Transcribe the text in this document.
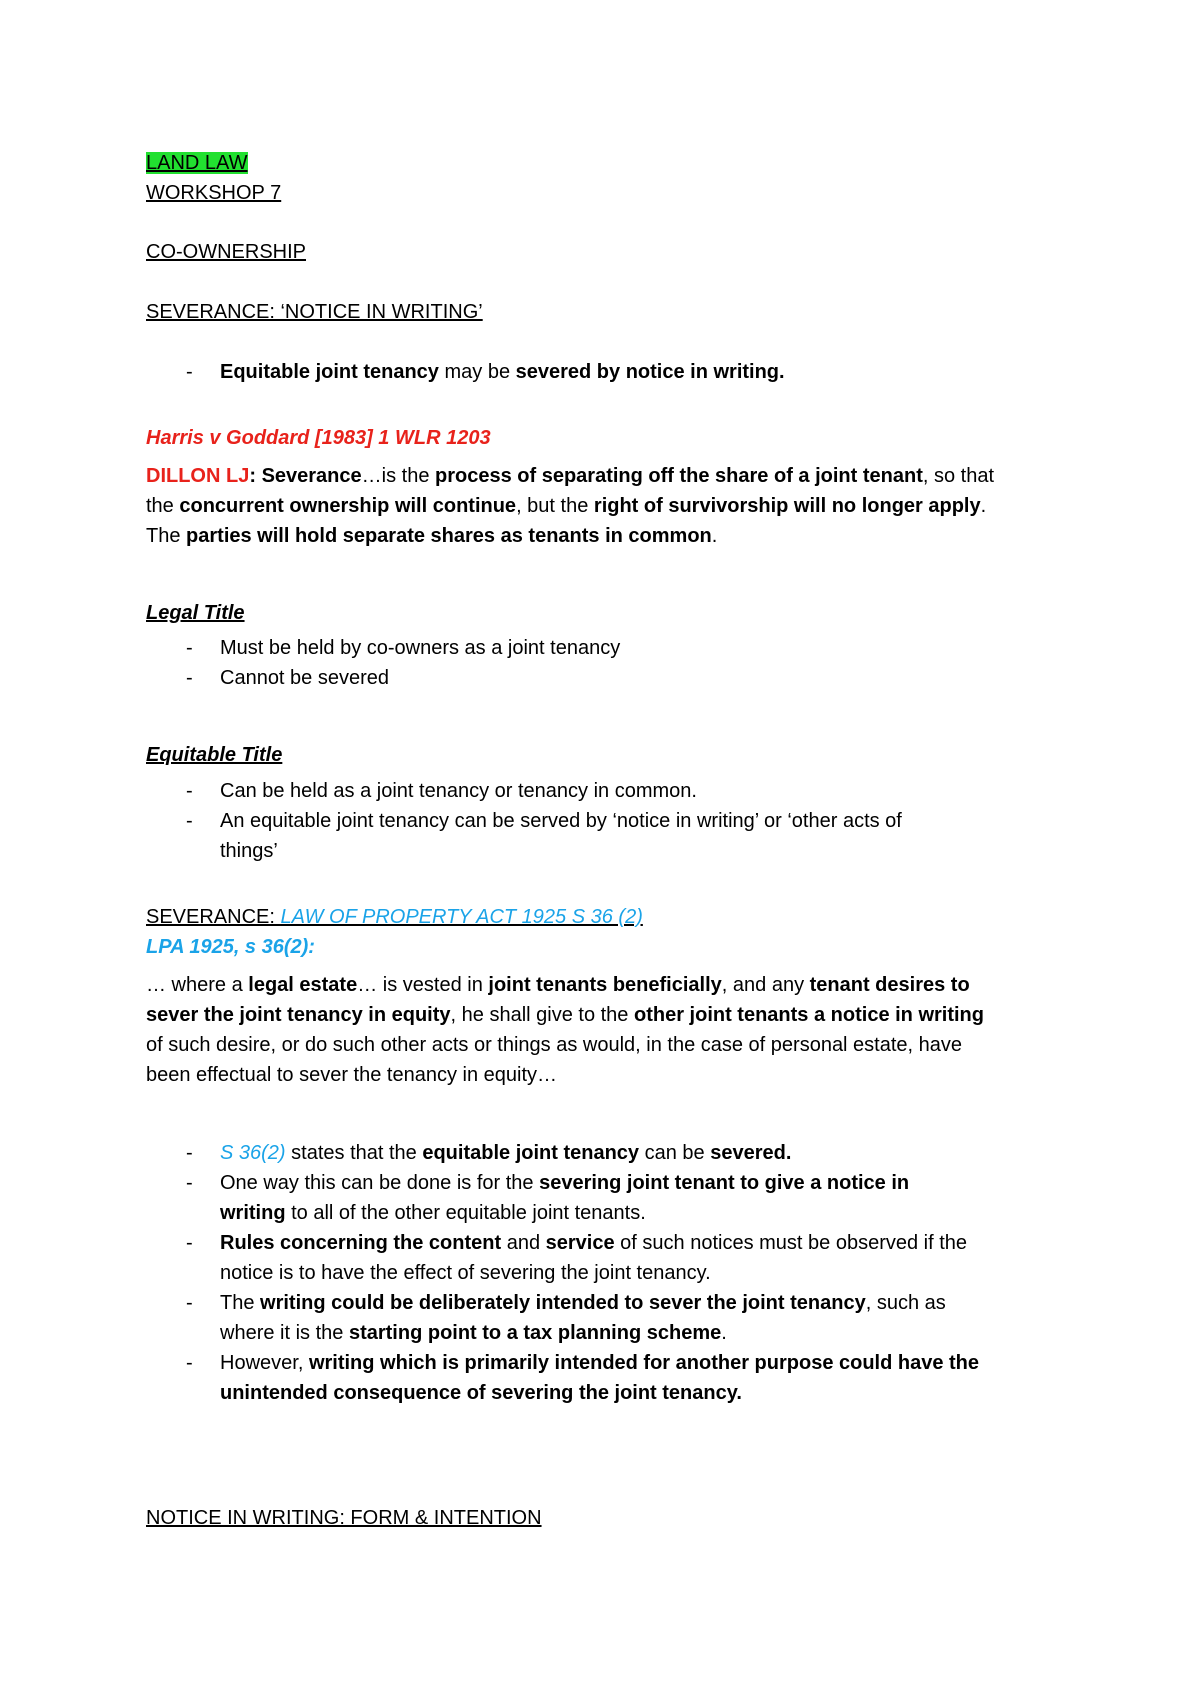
LAND LAW
WORKSHOP 7
CO-OWNERSHIP
SEVERANCE: ‘NOTICE IN WRITING’
- Equitable joint tenancy may be severed by notice in writing.
Harris v Goddard [1983] 1 WLR 1203
DILLON LJ: Severance…is the process of separating off the share of a joint tenant, so that
the concurrent ownership will continue, but the right of survivorship will no longer apply.
The parties will hold separate shares as tenants in common.
Legal Title
- Must be held by co-owners as a joint tenancy
- Cannot be severed
Equitable Title
- Can be held as a joint tenancy or tenancy in common.
- An equitable joint tenancy can be served by ‘notice in writing’ or ‘other acts of
things’
SEVERANCE: LAW OF PROPERTY ACT 1925 S 36 (2)
LPA 1925, s 36(2):
… where a legal estate… is vested in joint tenants beneficially, and any tenant desires to
sever the joint tenancy in equity, he shall give to the other joint tenants a notice in writing
of such desire, or do such other acts or things as would, in the case of personal estate, have
been effectual to sever the tenancy in equity…
- S 36(2) states that the equitable joint tenancy can be severed.
- One way this can be done is for the severing joint tenant to give a notice in
writing to all of the other equitable joint tenants.
- Rules concerning the content and service of such notices must be observed if the
notice is to have the effect of severing the joint tenancy.
- The writing could be deliberately intended to sever the joint tenancy, such as
where it is the starting point to a tax planning scheme.
- However, writing which is primarily intended for another purpose could have the
unintended consequence of severing the joint tenancy.
NOTICE IN WRITING: FORM & INTENTION
